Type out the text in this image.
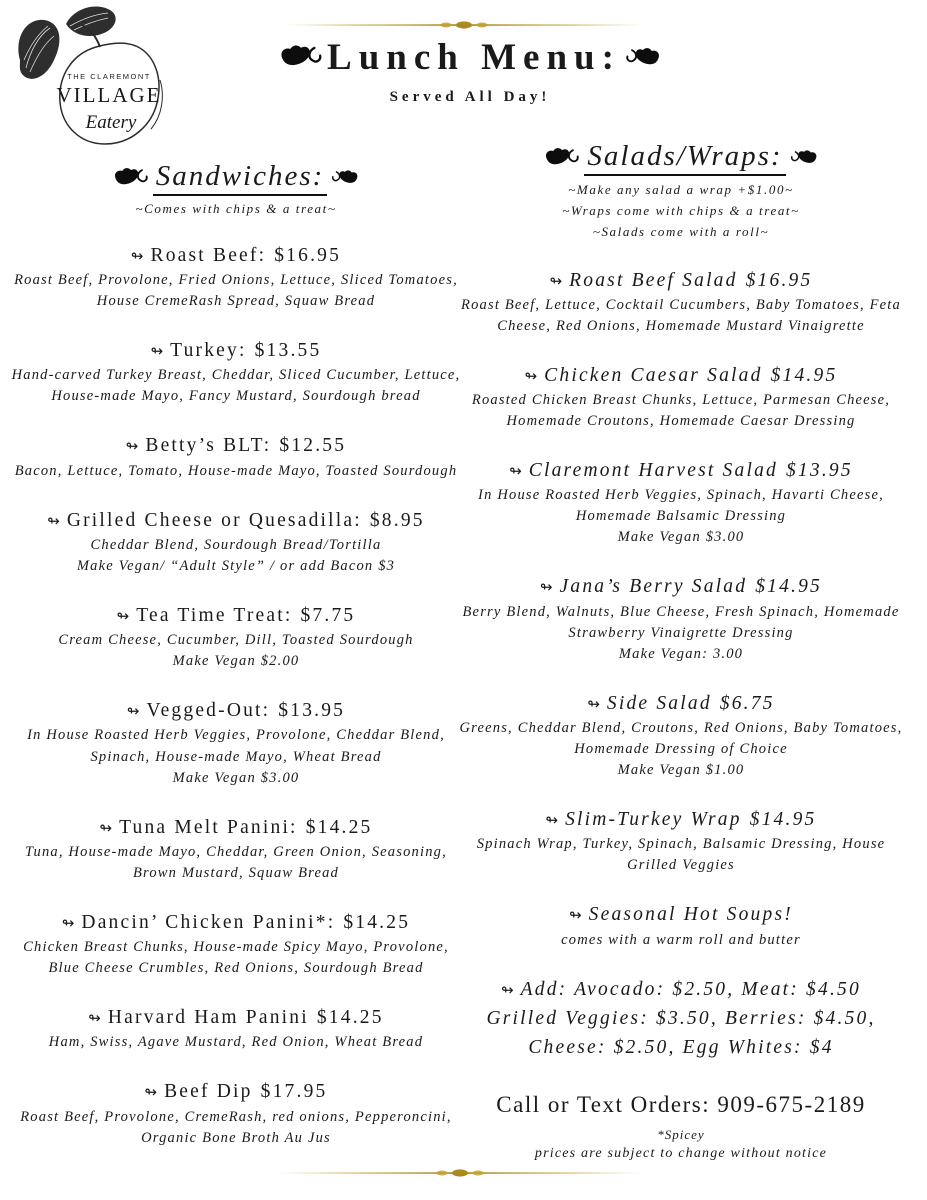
THE CLAREMONT
VILLAGE
Eatery
Lunch Menu:
Served All Day!
Sandwiches:
~Comes with chips & a treat~
↬ Roast Beef: $16.95
Roast Beef, Provolone, Fried Onions, Lettuce, Sliced Tomatoes, House CremeRash Spread, Squaw Bread
↬ Turkey: $13.55
Hand-carved Turkey Breast, Cheddar, Sliced Cucumber, Lettuce, House-made Mayo, Fancy Mustard, Sourdough bread
↬ Betty’s BLT: $12.55
Bacon, Lettuce, Tomato, House-made Mayo, Toasted Sourdough
↬ Grilled Cheese or Quesadilla: $8.95
Cheddar Blend, Sourdough Bread/Tortilla
Make Vegan/ “Adult Style” / or add Bacon $3
↬ Tea Time Treat: $7.75
Cream Cheese, Cucumber, Dill, Toasted Sourdough
Make Vegan $2.00
↬ Vegged-Out: $13.95
In House Roasted Herb Veggies, Provolone, Cheddar Blend, Spinach, House-made Mayo, Wheat Bread
Make Vegan $3.00
↬ Tuna Melt Panini: $14.25
Tuna, House-made Mayo, Cheddar, Green Onion, Seasoning, Brown Mustard, Squaw Bread
↬ Dancin’ Chicken Panini*: $14.25
Chicken Breast Chunks, House-made Spicy Mayo, Provolone, Blue Cheese Crumbles, Red Onions, Sourdough Bread
↬ Harvard Ham Panini $14.25
Ham, Swiss, Agave Mustard, Red Onion, Wheat Bread
↬ Beef Dip $17.95
Roast Beef, Provolone, CremeRash, red onions, Pepperoncini, Organic Bone Broth Au Jus
Salads/Wraps:
~Make any salad a wrap +$1.00~
~Wraps come with chips & a treat~
~Salads come with a roll~
↬ Roast Beef Salad $16.95
Roast Beef, Lettuce, Cocktail Cucumbers, Baby Tomatoes, Feta Cheese, Red Onions, Homemade Mustard Vinaigrette
↬ Chicken Caesar Salad $14.95
Roasted Chicken Breast Chunks, Lettuce, Parmesan Cheese, Homemade Croutons, Homemade Caesar Dressing
↬ Claremont Harvest Salad $13.95
In House Roasted Herb Veggies, Spinach, Havarti Cheese, Homemade Balsamic Dressing
Make Vegan $3.00
↬ Jana’s Berry Salad $14.95
Berry Blend, Walnuts, Blue Cheese, Fresh Spinach, Homemade Strawberry Vinaigrette Dressing
Make Vegan: 3.00
↬ Side Salad $6.75
Greens, Cheddar Blend, Croutons, Red Onions, Baby Tomatoes, Homemade Dressing of Choice
Make Vegan $1.00
↬ Slim-Turkey Wrap $14.95
Spinach Wrap, Turkey, Spinach, Balsamic Dressing, House Grilled Veggies
↬ Seasonal Hot Soups!
comes with a warm roll and butter
↬ Add: Avocado: $2.50, Meat: $4.50
Grilled Veggies: $3.50, Berries: $4.50,
Cheese: $2.50, Egg Whites: $4
Call or Text Orders: 909-675-2189
*Spicey
prices are subject to change without notice
